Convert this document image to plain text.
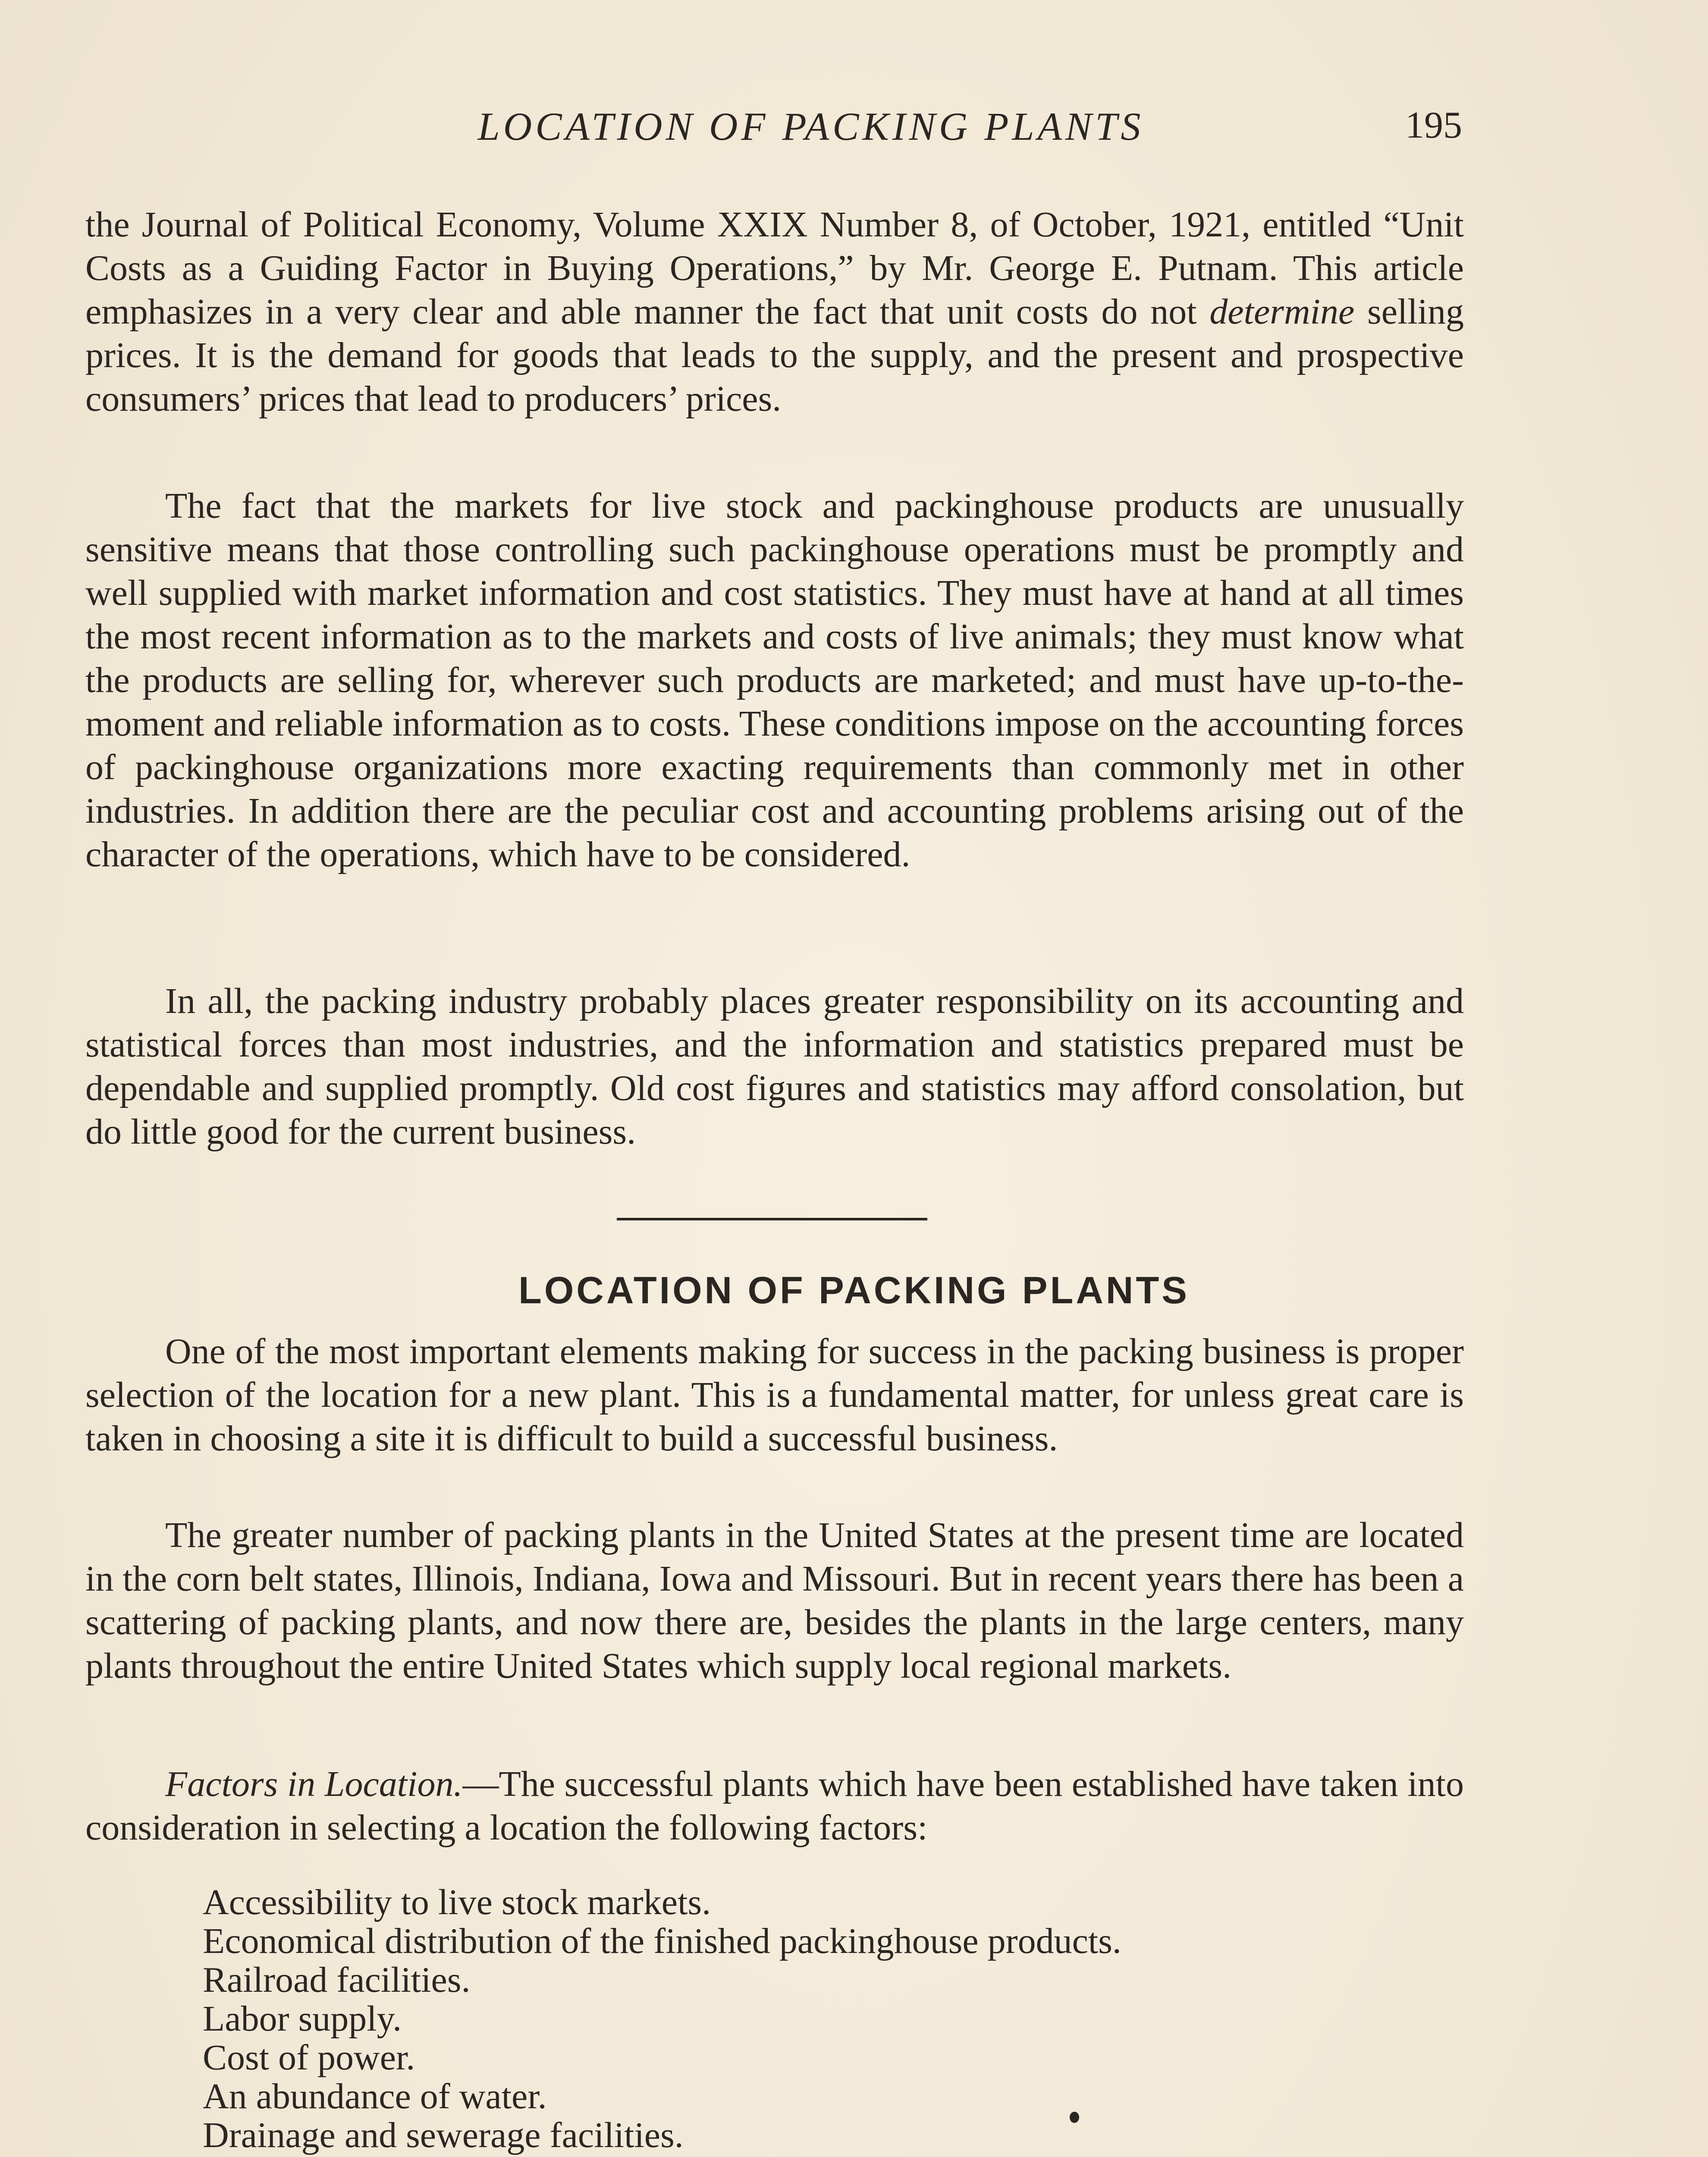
LOCATION OF PACKING PLANTS	195

the Journal of Political Economy, Volume XXIX Number 8, of October, 1921, entitled “Unit Costs as a Guiding Factor in Buying Operations,” by Mr. George E. Putnam. This article emphasizes in a very clear and able manner the fact that unit costs do not determine selling prices. It is the demand for goods that leads to the supply, and the present and prospective consumers’ prices that lead to producers’ prices.

The fact that the markets for live stock and packinghouse products are unusually sensitive means that those controlling such packinghouse operations must be promptly and well supplied with market information and cost statistics. They must have at hand at all times the most recent information as to the markets and costs of live animals; they must know what the products are selling for, wherever such products are marketed; and must have up-to-the-moment and reliable information as to costs. These conditions impose on the accounting forces of packinghouse organizations more exacting requirements than commonly met in other industries. In addition there are the peculiar cost and accounting problems arising out of the character of the operations, which have to be considered.

In all, the packing industry probably places greater responsibility on its accounting and statistical forces than most industries, and the information and statistics prepared must be dependable and supplied promptly. Old cost figures and statistics may afford consolation, but do little good for the current business.

LOCATION OF PACKING PLANTS

One of the most important elements making for success in the packing business is proper selection of the location for a new plant. This is a fundamental matter, for unless great care is taken in choosing a site it is difficult to build a successful business.

The greater number of packing plants in the United States at the present time are located in the corn belt states, Illinois, Indiana, Iowa and Missouri. But in recent years there has been a scattering of packing plants, and now there are, besides the plants in the large centers, many plants throughout the entire United States which supply local regional markets.

Factors in Location.—The successful plants which have been established have taken into consideration in selecting a location the following factors:

Accessibility to live stock markets.
Economical distribution of the finished packinghouse products.
Railroad facilities.
Labor supply.
Cost of power.
An abundance of water.
Drainage and sewerage facilities.
